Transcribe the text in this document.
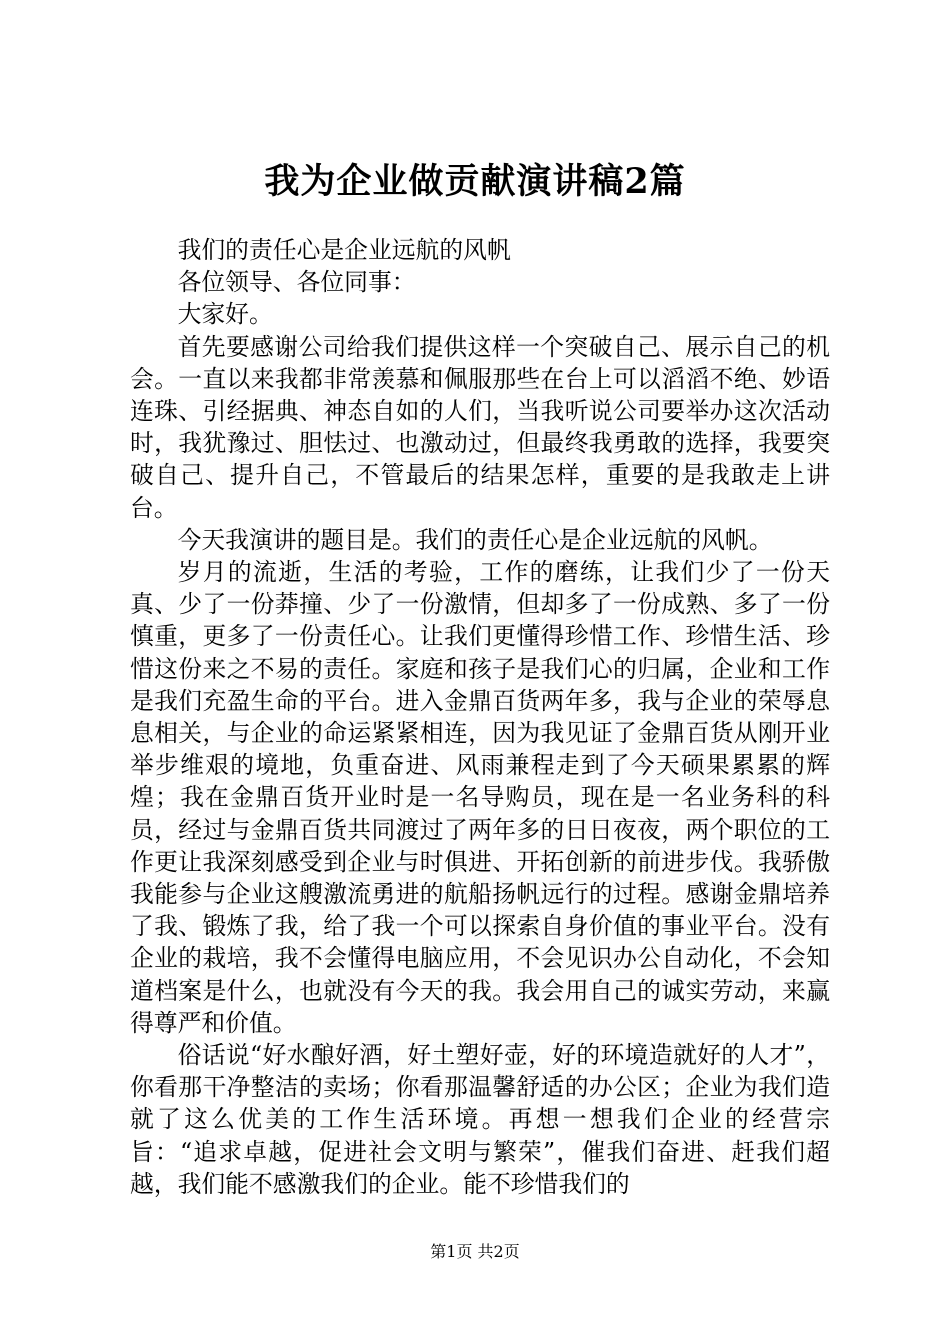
我为企业做贡献演讲稿2篇

我们的责任心是企业远航的风帆

各位领导、各位同事：

大家好。

首先要感谢公司给我们提供这样一个突破自己、展示自己的机会。一直以来我都非常羡慕和佩服那些在台上可以滔滔不绝、妙语连珠、引经据典、神态自如的人们，当我听说公司要举办这次活动时，我犹豫过、胆怯过、也激动过，但最终我勇敢的选择，我要突破自己、提升自己，不管最后的结果怎样，重要的是我敢走上讲台。

今天我演讲的题目是。我们的责任心是企业远航的风帆。

岁月的流逝，生活的考验，工作的磨练，让我们少了一份天真、少了一份莽撞、少了一份激情，但却多了一份成熟、多了一份慎重，更多了一份责任心。让我们更懂得珍惜工作、珍惜生活、珍惜这份来之不易的责任。家庭和孩子是我们心的归属，企业和工作是我们充盈生命的平台。进入金鼎百货两年多，我与企业的荣辱息息相关，与企业的命运紧紧相连，因为我见证了金鼎百货从刚开业举步维艰的境地，负重奋进、风雨兼程走到了今天硕果累累的辉煌；我在金鼎百货开业时是一名导购员，现在是一名业务科的科员，经过与金鼎百货共同渡过了两年多的日日夜夜，两个职位的工作更让我深刻感受到企业与时俱进、开拓创新的前进步伐。我骄傲我能参与企业这艘激流勇进的航船扬帆远行的过程。感谢金鼎培养了我、锻炼了我，给了我一个可以探索自身价值的事业平台。没有企业的栽培，我不会懂得电脑应用，不会见识办公自动化，不会知道档案是什么，也就没有今天的我。我会用自己的诚实劳动，来赢得尊严和价值。

俗话说“好水酿好酒，好土塑好壶，好的环境造就好的人才”，你看那干净整洁的卖场；你看那温馨舒适的办公区；企业为我们造就了这么优美的工作生活环境。再想一想我们企业的经营宗旨：“追求卓越，促进社会文明与繁荣”，催我们奋进、赶我们超越，我们能不感激我们的企业。能不珍惜我们的

第1页 共2页
